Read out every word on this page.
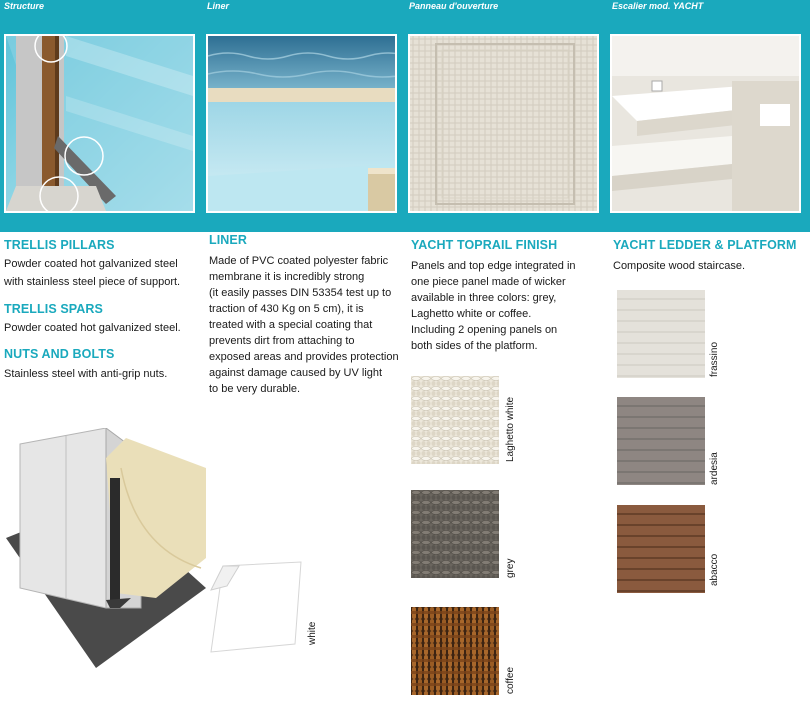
Structure	Liner	Panneau d'ouverture	Escalier mod. YACHT
TRELLIS PILLARS
Powder coated hot galvanized steel
with stainless steel piece of support.
TRELLIS SPARS
Powder coated hot galvanized steel.
NUTS AND BOLTS
Stainless steel with anti-grip nuts.
LINER
Made of PVC coated polyester fabric
membrane it is incredibly strong
(it easily passes DIN 53354 test up to
traction of 430 Kg on 5 cm), it is
treated with a special coating that
prevents dirt from attaching to
exposed areas and provides protection
against damage caused by UV light
to be very durable.
white
YACHT TOPRAIL FINISH
Panels and top edge integrated in
one piece panel made of wicker
available in three colors: grey,
Laghetto white or coffee.
Including 2 opening panels on
both sides of the platform.
Laghetto white
grey
coffee
YACHT LEDDER & PLATFORM
Composite wood staircase.
frassino
ardesia
abacco
